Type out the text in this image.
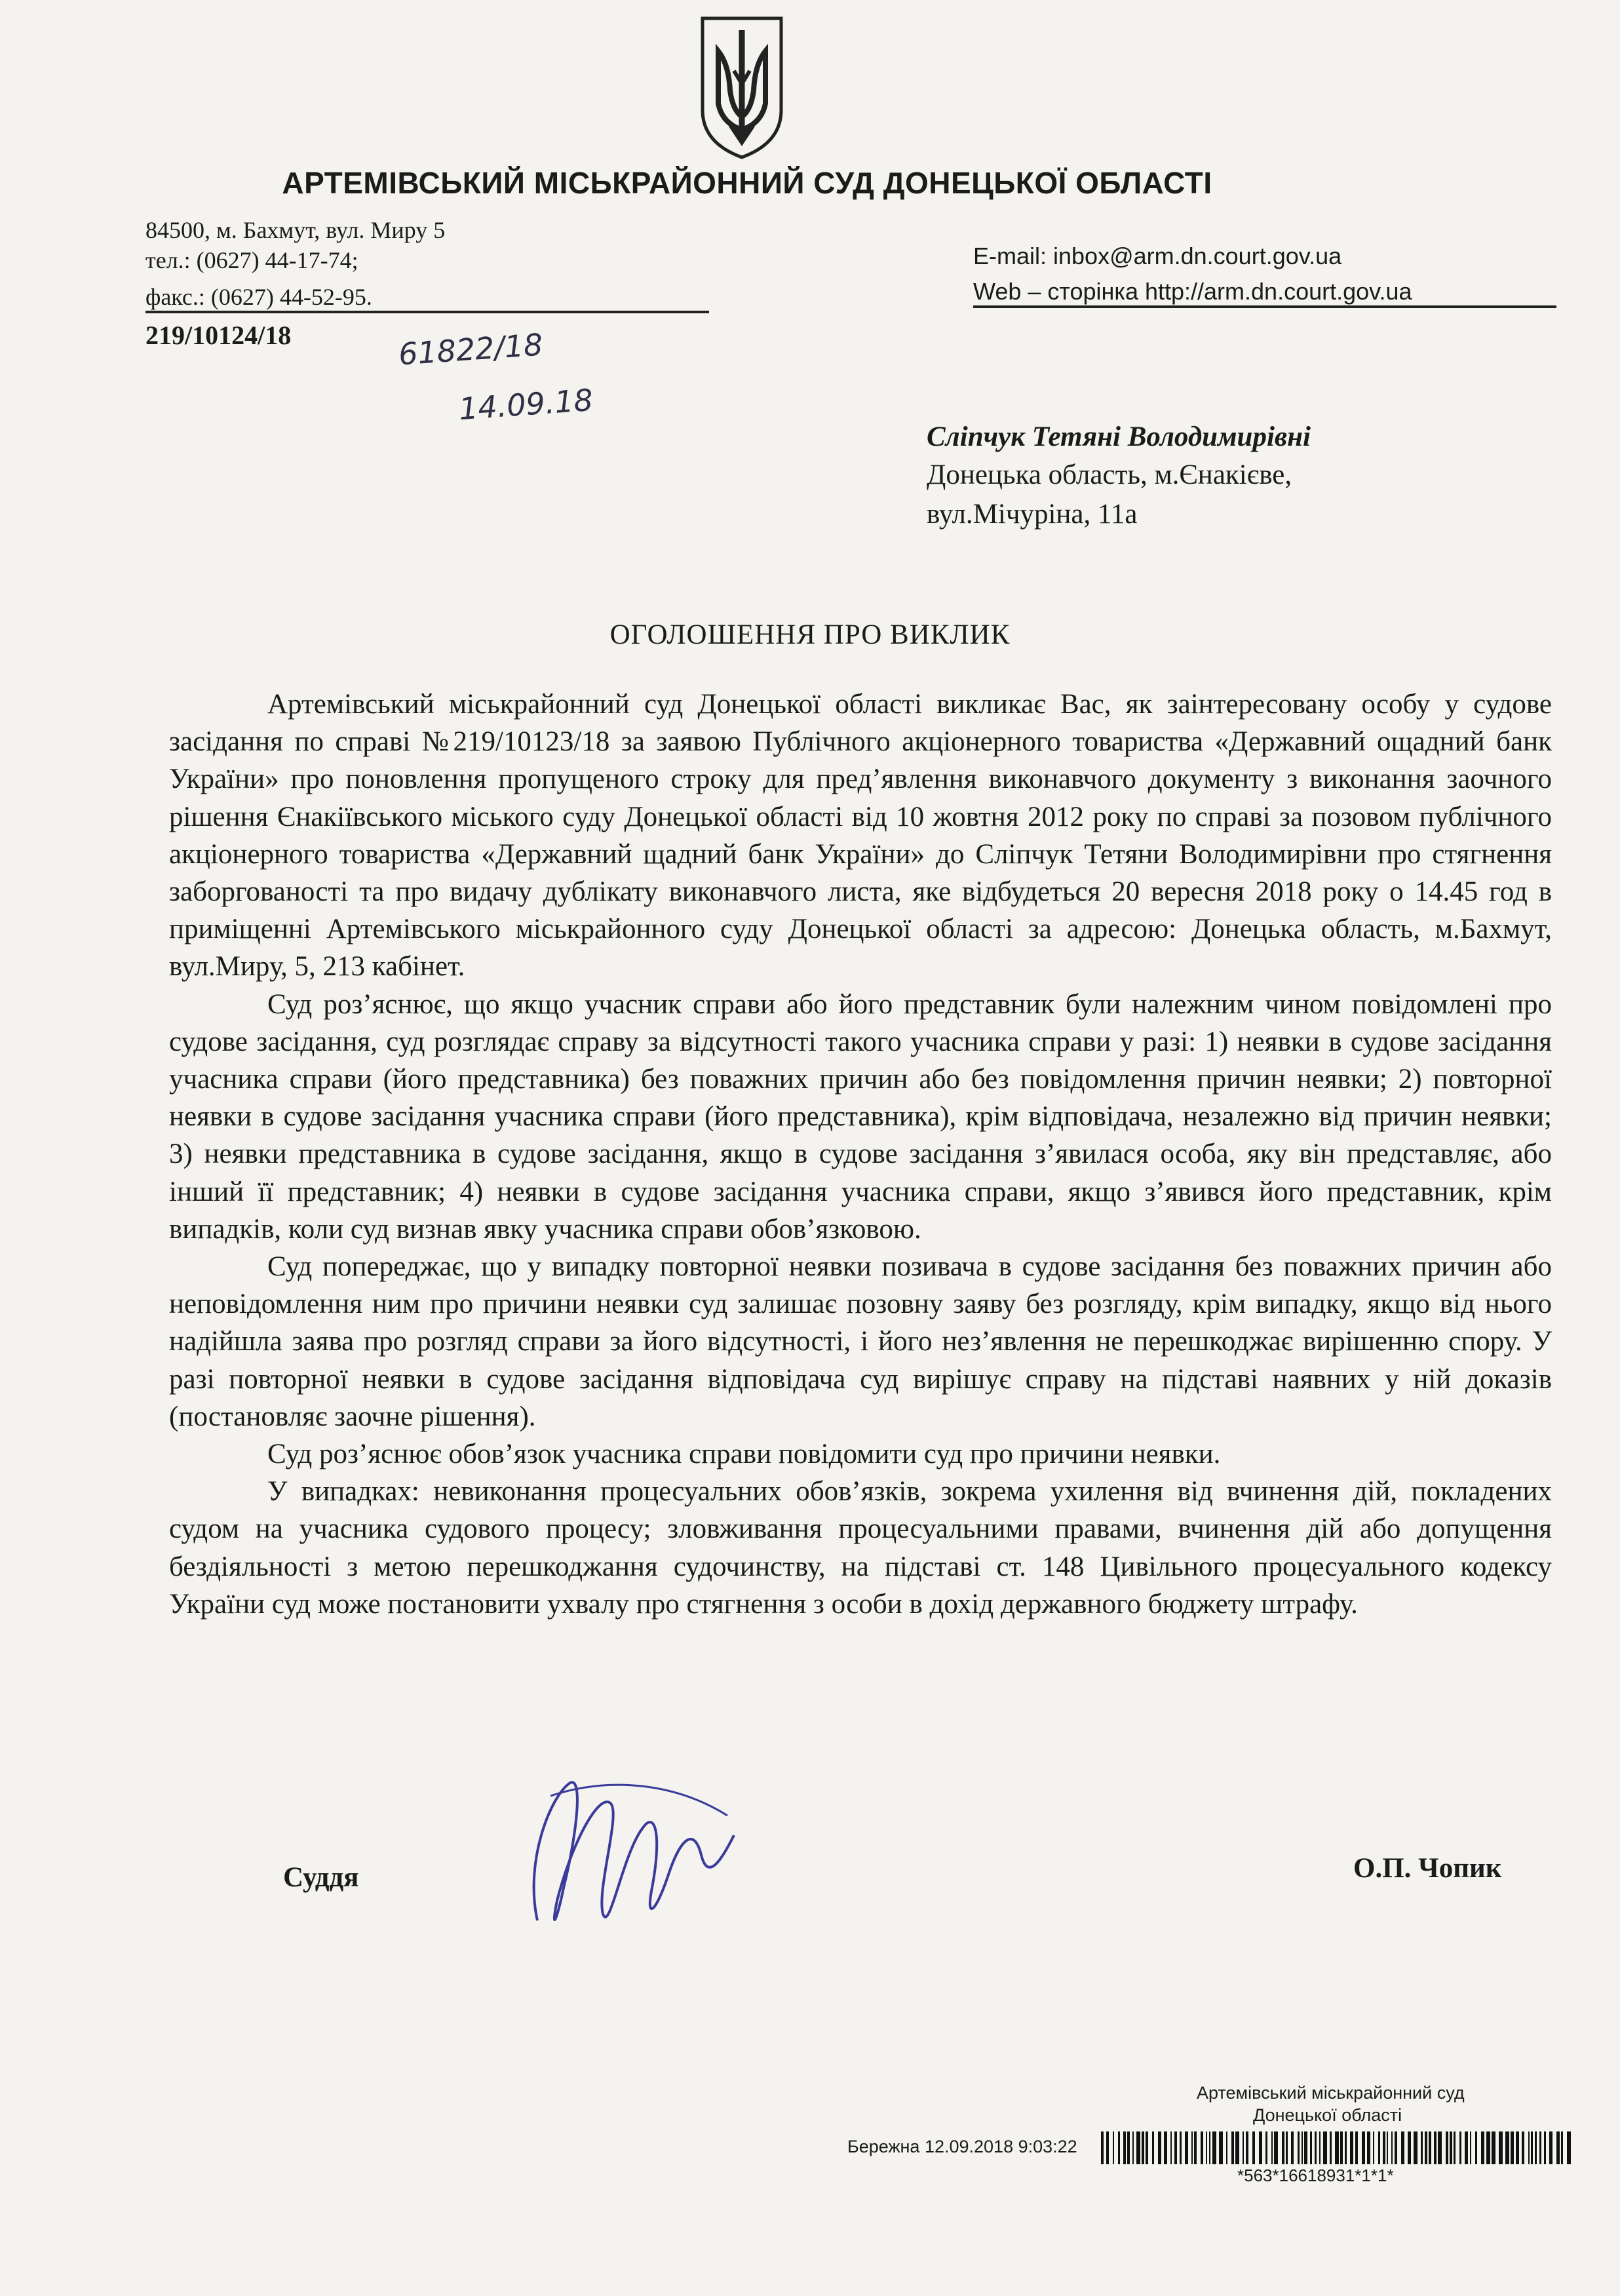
АРТЕМІВСЬКИЙ МІСЬКРАЙОННИЙ СУД ДОНЕЦЬКОЇ ОБЛАСТІ
84500, м. Бахмут, вул. Миру 5
тел.: (0627) 44-17-74;
факс.: (0627) 44-52-95.
E-mail: inbox@arm.dn.court.gov.ua
Web – сторінка http://arm.dn.court.gov.ua
219/10124/18	61822/18
14.09.18
Сліпчук Тетяні Володимирівні
Донецька область, м.Єнакієве,
вул.Мічуріна, 11а
ОГОЛОШЕННЯ ПРО ВИКЛИК

Артемівський міськрайонний суд Донецької області викликає Вас, як заінтересовану особу у судове засідання по справі №219/10123/18 за заявою Публічного акціонерного товариства «Державний ощадний банк України» про поновлення пропущеного строку для пред’явлення виконавчого документу з виконання заочного рішення Єнакіївського міського суду Донецької області від 10 жовтня 2012 року по справі за позовом публічного акціонерного товариства «Державний щадний банк України» до Сліпчук Тетяни Володимирівни про стягнення заборгованості та про видачу дублікату виконавчого листа, яке відбудеться 20 вересня 2018 року о 14.45 год в приміщенні Артемівського міськрайонного суду Донецької області за адресою: Донецька область, м.Бахмут, вул.Миру, 5, 213 кабінет.

Суд роз’яснює, що якщо учасник справи або його представник були належним чином повідомлені про судове засідання, суд розглядає справу за відсутності такого учасника справи у разі: 1) неявки в судове засідання учасника справи (його представника) без поважних причин або без повідомлення причин неявки; 2) повторної неявки в судове засідання учасника справи (його представника), крім відповідача, незалежно від причин неявки; 3) неявки представника в судове засідання, якщо в судове засідання з’явилася особа, яку він представляє, або інший її представник; 4) неявки в судове засідання учасника справи, якщо з’явився його представник, крім випадків, коли суд визнав явку учасника справи обов’язковою.

Суд попереджає, що у випадку повторної неявки позивача в судове засідання без поважних причин або неповідомлення ним про причини неявки суд залишає позовну заяву без розгляду, крім випадку, якщо від нього надійшла заява про розгляд справи за його відсутності, і його нез’явлення не перешкоджає вирішенню спору. У разі повторної неявки в судове засідання відповідача суд вирішує справу на підставі наявних у ній доказів (постановляє заочне рішення).

Суд роз’яснює обов’язок учасника справи повідомити суд про причини неявки.

У випадках: невиконання процесуальних обов’язків, зокрема ухилення від вчинення дій, покладених судом на учасника судового процесу; зловживання процесуальними правами, вчинення дій або допущення бездіяльності з метою перешкоджання судочинству, на підставі ст. 148 Цивільного процесуального кодексу України суд може постановити ухвалу про стягнення з особи в дохід державного бюджету штрафу.

Суддя	О.П. Чопик
Артемівський міськрайонний суд
Донецької області
Бережна 12.09.2018 9:03:22
*563*16618931*1*1*
